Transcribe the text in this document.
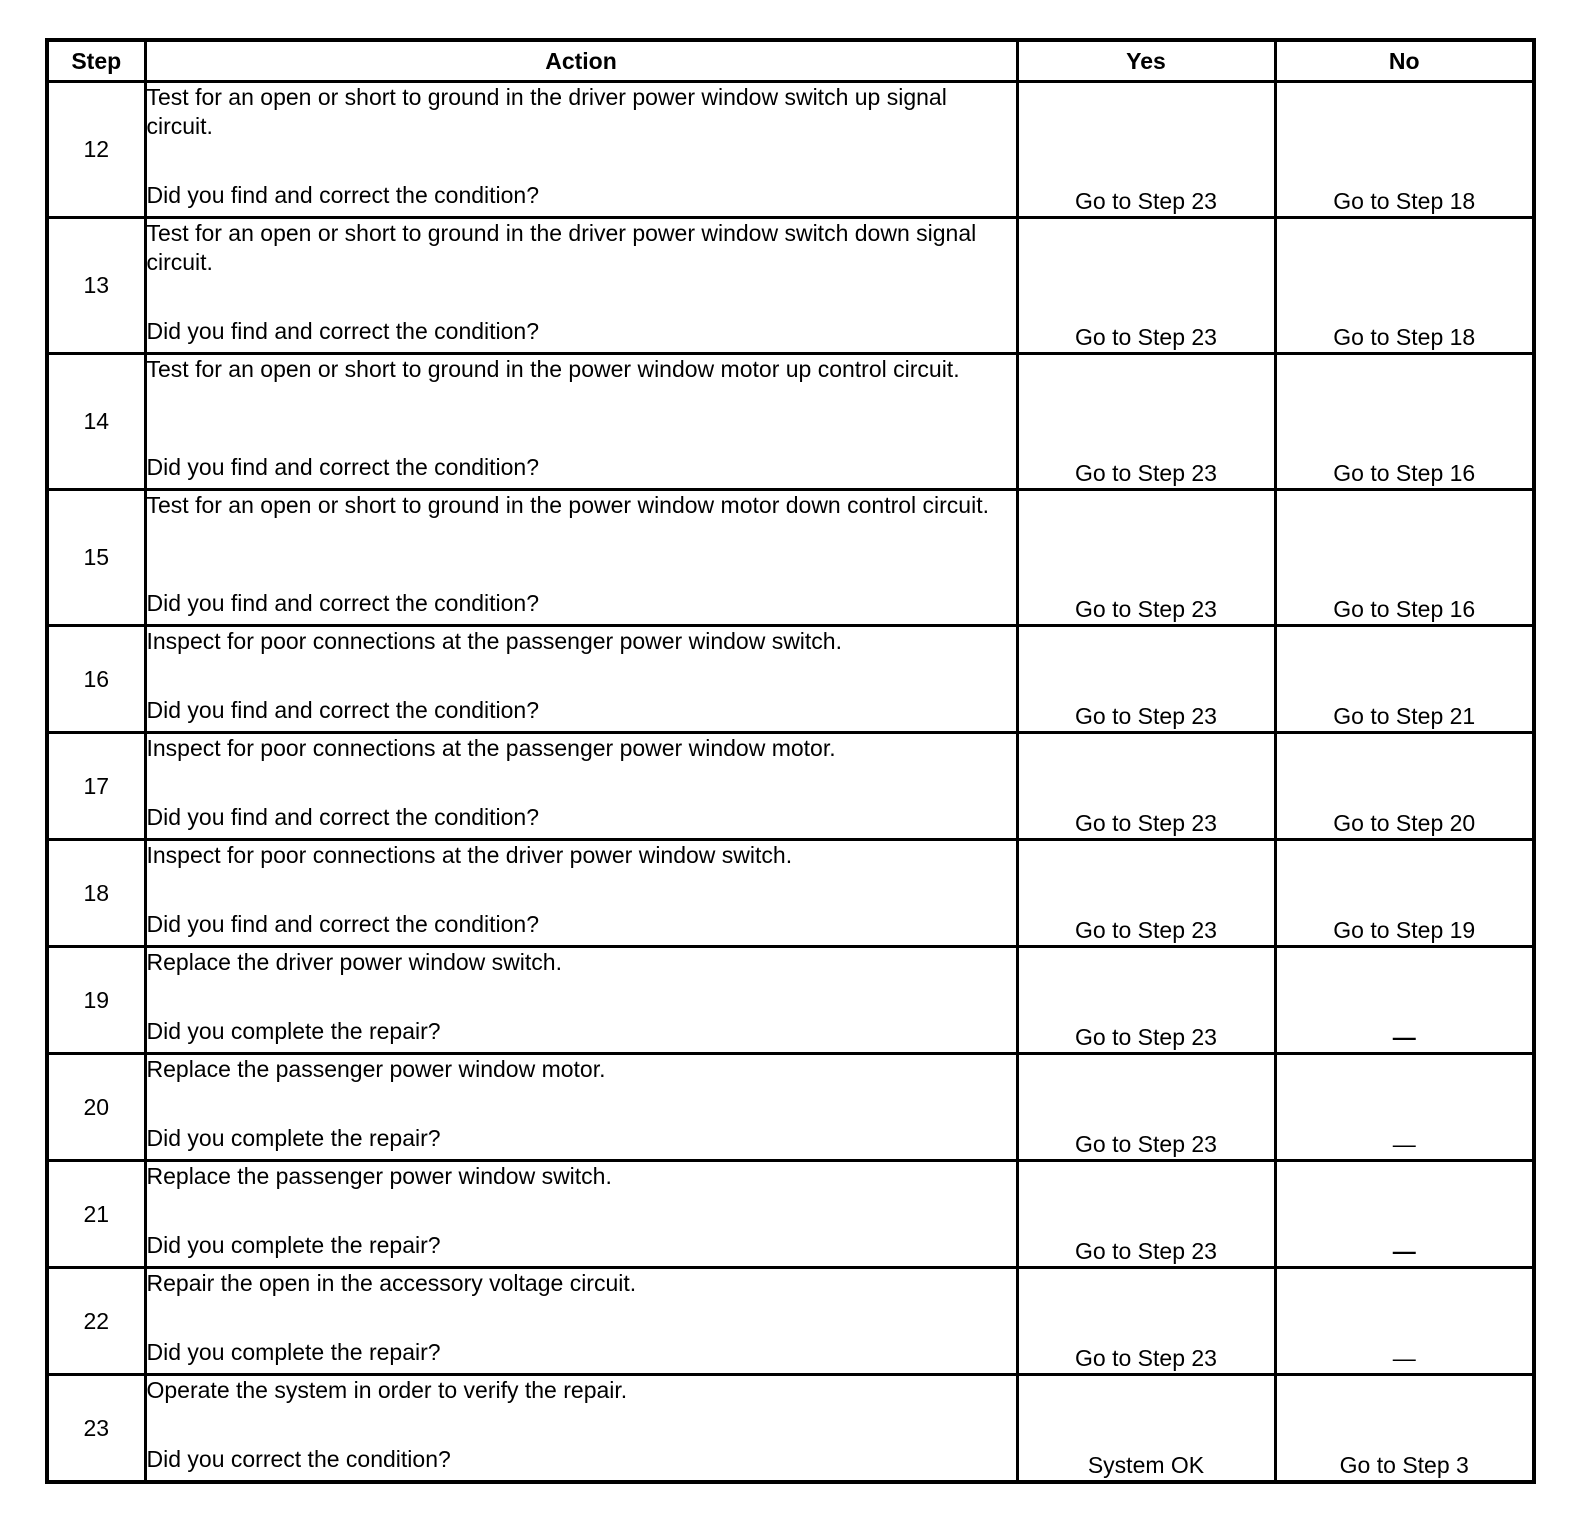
Step	Action	Yes	No
12	Test for an open or short to ground in the driver power window switch up signal circuit.
Did you find and correct the condition?	Go to Step 23	Go to Step 18
13	Test for an open or short to ground in the driver power window switch down signal circuit.
Did you find and correct the condition?	Go to Step 23	Go to Step 18
14	Test for an open or short to ground in the power window motor up control circuit.
Did you find and correct the condition?	Go to Step 23	Go to Step 16
15	Test for an open or short to ground in the power window motor down control circuit.
Did you find and correct the condition?	Go to Step 23	Go to Step 16
16	Inspect for poor connections at the passenger power window switch.
Did you find and correct the condition?	Go to Step 23	Go to Step 21
17	Inspect for poor connections at the passenger power window motor.
Did you find and correct the condition?	Go to Step 23	Go to Step 20
18	Inspect for poor connections at the driver power window switch.
Did you find and correct the condition?	Go to Step 23	Go to Step 19
19	Replace the driver power window switch.
Did you complete the repair?	Go to Step 23	—
20	Replace the passenger power window motor.
Did you complete the repair?	Go to Step 23	—
21	Replace the passenger power window switch.
Did you complete the repair?	Go to Step 23	—
22	Repair the open in the accessory voltage circuit.
Did you complete the repair?	Go to Step 23	—
23	Operate the system in order to verify the repair.
Did you correct the condition?	System OK	Go to Step 3
